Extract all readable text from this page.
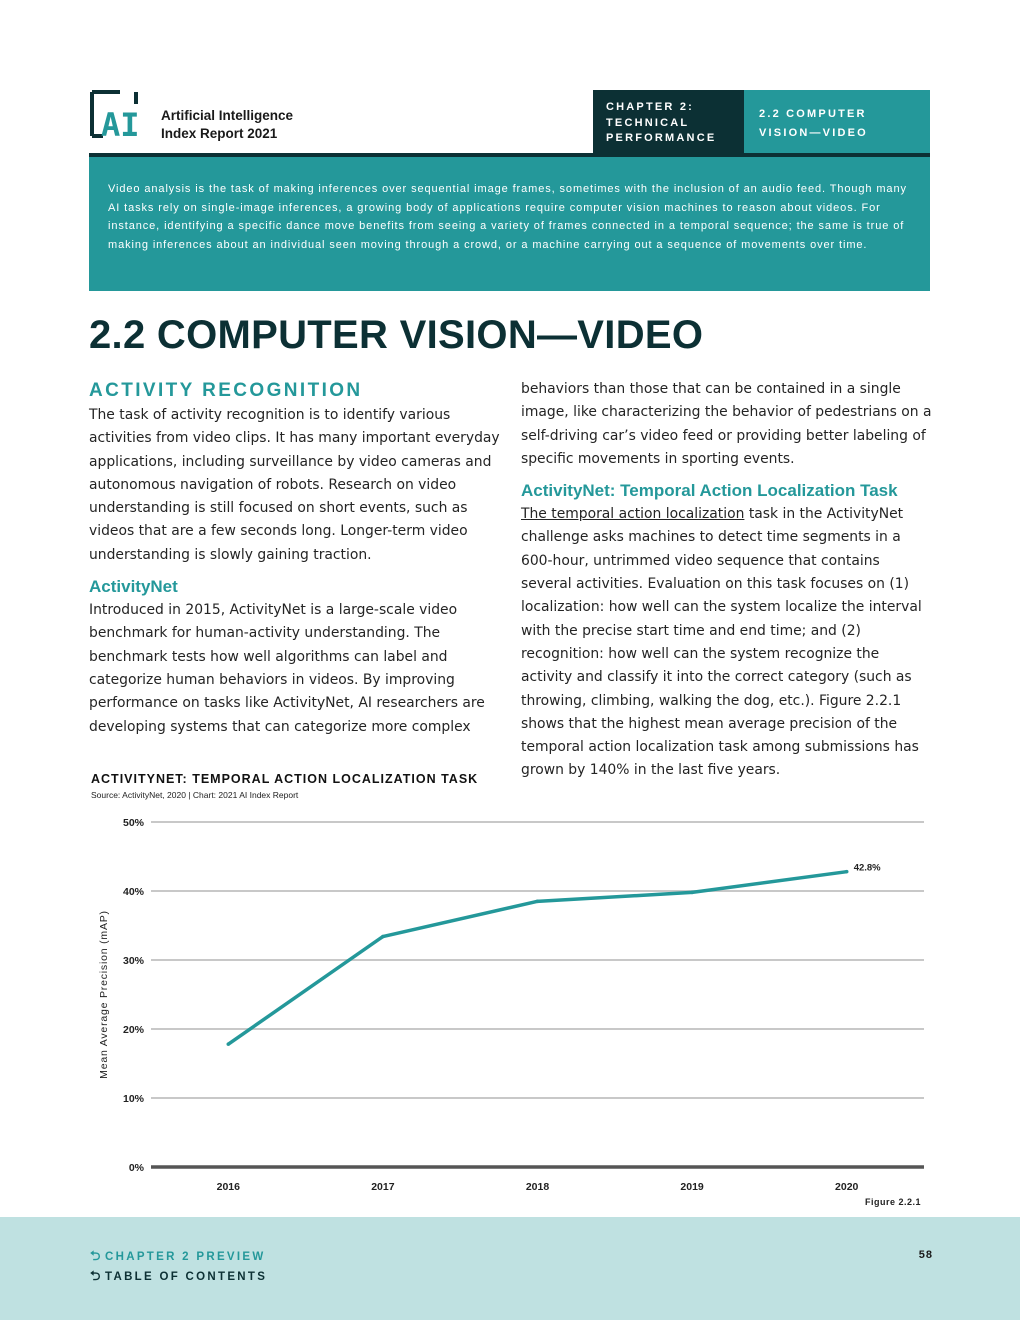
AI Artificial Intelligence
Index Report 2021
CHAPTER 2:
TECHNICAL
PERFORMANCE
2.2 COMPUTER
VISION—VIDEO
Video analysis is the task of making inferences over sequential image frames, sometimes with the inclusion of an audio feed. Though many AI tasks rely on single-image inferences, a growing body of applications require computer vision machines to reason about videos. For instance, identifying a specific dance move benefits from seeing a variety of frames connected in a temporal sequence; the same is true of making inferences about an individual seen moving through a crowd, or a machine carrying out a sequence of movements over time.
2.2 COMPUTER VISION—VIDEO
ACTIVITY RECOGNITION

The task of activity recognition is to identify various activities from video clips. It has many important everyday applications, including surveillance by video cameras and autonomous navigation of robots. Research on video understanding is still focused on short events, such as videos that are a few seconds long. Longer-term video understanding is slowly gaining traction.

ActivityNet

Introduced in 2015, ActivityNet is a large-scale video benchmark for human-activity understanding. The benchmark tests how well algorithms can label and categorize human behaviors in videos. By improving performance on tasks like ActivityNet, AI researchers are developing systems that can categorize more complex

behaviors than those that can be contained in a single image, like characterizing the behavior of pedestrians on a self-driving car’s video feed or providing better labeling of specific movements in sporting events.

ActivityNet: Temporal Action Localization Task

The temporal action localization task in the ActivityNet challenge asks machines to detect time segments in a 600-hour, untrimmed video sequence that contains several activities. Evaluation on this task focuses on (1) localization: how well can the system localize the interval with the precise start time and end time; and (2) recognition: how well can the system recognize the activity and classify it into the correct category (such as throwing, climbing, walking the dog, etc.). Figure 2.2.1 shows that the highest mean average precision of the temporal action localization task among submissions has grown by 140% in the last five years.

ACTIVITYNET: TEMPORAL ACTION LOCALIZATION TASK
Source: ActivityNet, 2020 | Chart: 2021 AI Index Report
0%
10%
20%
30%
40%
50%
2016	2017	2018	2019	2020
Mean Average Precision (mAP)
42.8%
Figure 2.2.1
⮌ CHAPTER 2 PREVIEW
⮌ TABLE OF CONTENTS
58
